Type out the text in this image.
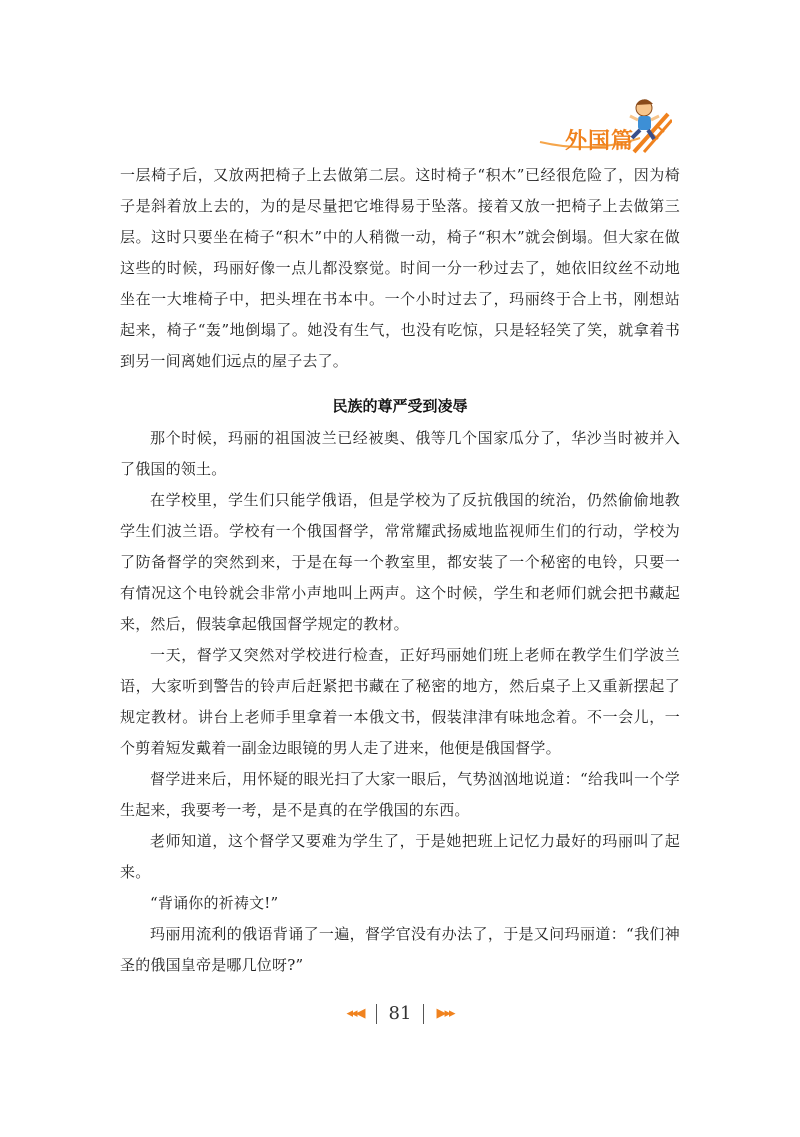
外国篇

一层椅子后，又放两把椅子上去做第二层。这时椅子“积木”已经很危险了，因为椅子是斜着放上去的，为的是尽量把它堆得易于坠落。接着又放一把椅子上去做第三层。这时只要坐在椅子“积木”中的人稍微一动，椅子“积木”就会倒塌。但大家在做这些的时候，玛丽好像一点儿都没察觉。时间一分一秒过去了，她依旧纹丝不动地坐在一大堆椅子中，把头埋在书本中。一个小时过去了，玛丽终于合上书，刚想站起来，椅子“轰”地倒塌了。她没有生气，也没有吃惊，只是轻轻笑了笑，就拿着书到另一间离她们远点的屋子去了。

民族的尊严受到凌辱

那个时候，玛丽的祖国波兰已经被奥、俄等几个国家瓜分了，华沙当时被并入了俄国的领土。

在学校里，学生们只能学俄语，但是学校为了反抗俄国的统治，仍然偷偷地教学生们波兰语。学校有一个俄国督学，常常耀武扬威地监视师生们的行动，学校为了防备督学的突然到来，于是在每一个教室里，都安装了一个秘密的电铃，只要一有情况这个电铃就会非常小声地叫上两声。这个时候，学生和老师们就会把书藏起来，然后，假装拿起俄国督学规定的教材。

一天，督学又突然对学校进行检查，正好玛丽她们班上老师在教学生们学波兰语，大家听到警告的铃声后赶紧把书藏在了秘密的地方，然后桌子上又重新摆起了规定教材。讲台上老师手里拿着一本俄文书，假装津津有味地念着。不一会儿，一个剪着短发戴着一副金边眼镜的男人走了进来，他便是俄国督学。

督学进来后，用怀疑的眼光扫了大家一眼后，气势汹汹地说道：“给我叫一个学生起来，我要考一考，是不是真的在学俄国的东西。

老师知道，这个督学又要难为学生了，于是她把班上记忆力最好的玛丽叫了起来。

“背诵你的祈祷文!”

玛丽用流利的俄语背诵了一遍，督学官没有办法了，于是又问玛丽道：“我们神圣的俄国皇帝是哪几位呀?”

◂◂◀ 81 ▶▸▸
